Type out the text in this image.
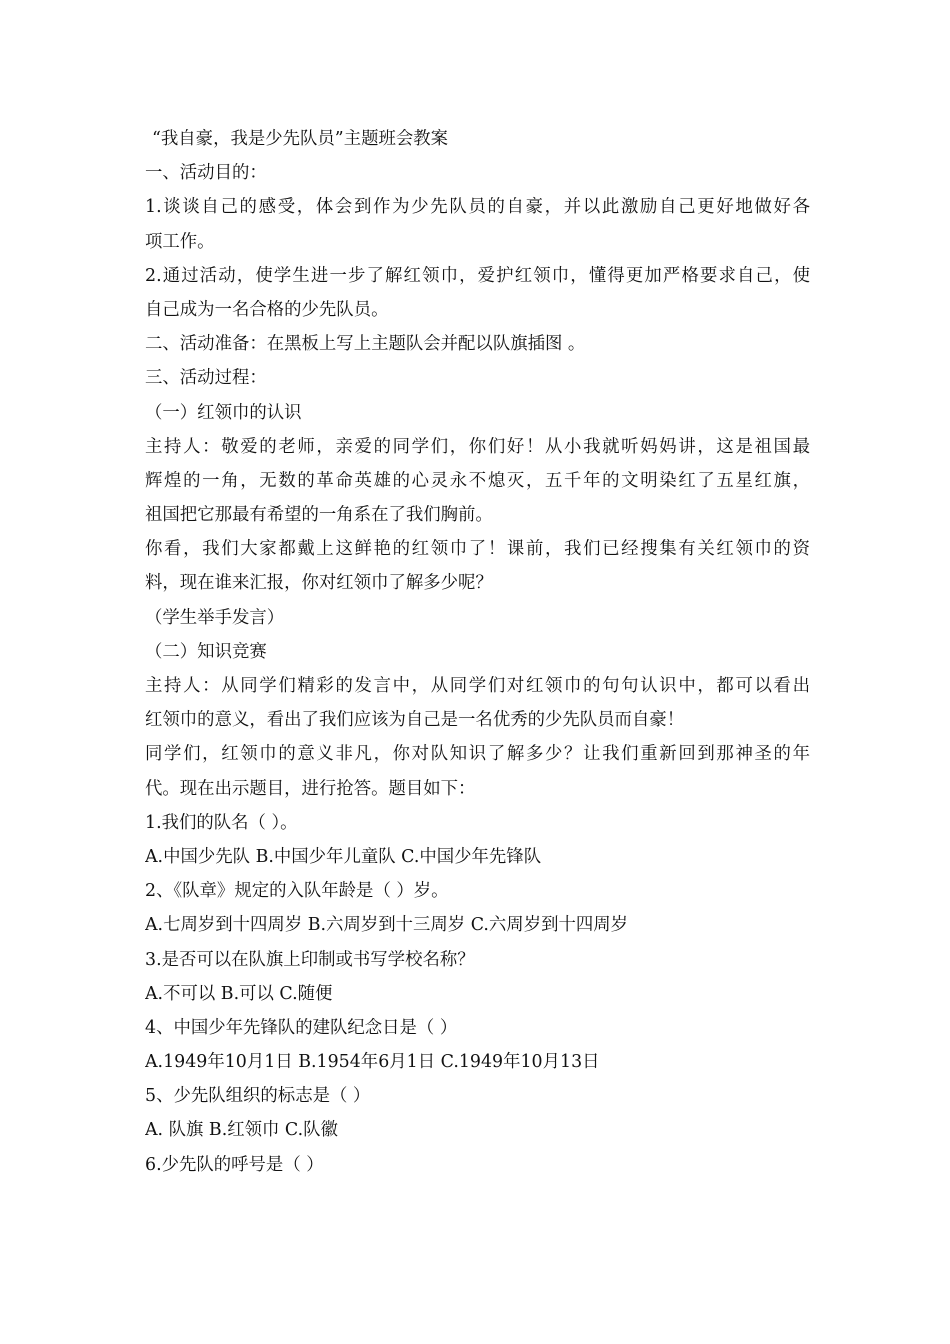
“我自豪，我是少先队员”主题班会教案
一、活动目的：
1.谈谈自己的感受，体会到作为少先队员的自豪，并以此激励自己更好地做好各
项工作。
2.通过活动，使学生进一步了解红领巾，爱护红领巾，懂得更加严格要求自己，使
自己成为一名合格的少先队员。
二、活动准备：在黑板上写上主题队会并配以队旗插图 。
三、活动过程：
（一）红领巾的认识
主持人：敬爱的老师，亲爱的同学们，你们好！从小我就听妈妈讲，这是祖国最
辉煌的一角，无数的革命英雄的心灵永不熄灭，五千年的文明染红了五星红旗，
祖国把它那最有希望的一角系在了我们胸前。
你看，我们大家都戴上这鲜艳的红领巾了！课前，我们已经搜集有关红领巾的资
料，现在谁来汇报，你对红领巾了解多少呢？
（学生举手发言）
（二）知识竞赛
主持人：从同学们精彩的发言中，从同学们对红领巾的句句认识中，都可以看出
红领巾的意义，看出了我们应该为自己是一名优秀的少先队员而自豪！
同学们，红领巾的意义非凡，你对队知识了解多少？让我们重新回到那神圣的年
代。现在出示题目，进行抢答。题目如下：
1.我们的队名（ ）。
A.中国少先队 B.中国少年儿童队 C.中国少年先锋队
2、《队章》规定的入队年龄是（ ）岁。
A.七周岁到十四周岁 B.六周岁到十三周岁 C.六周岁到十四周岁
3.是否可以在队旗上印制或书写学校名称？
A.不可以 B.可以 C.随便
4、中国少年先锋队的建队纪念日是（ ）
A.1949年10月1日 B.1954年6月1日 C.1949年10月13日
5、少先队组织的标志是（ ）
A. 队旗 B.红领巾 C.队徽
6.少先队的呼号是（ ）
